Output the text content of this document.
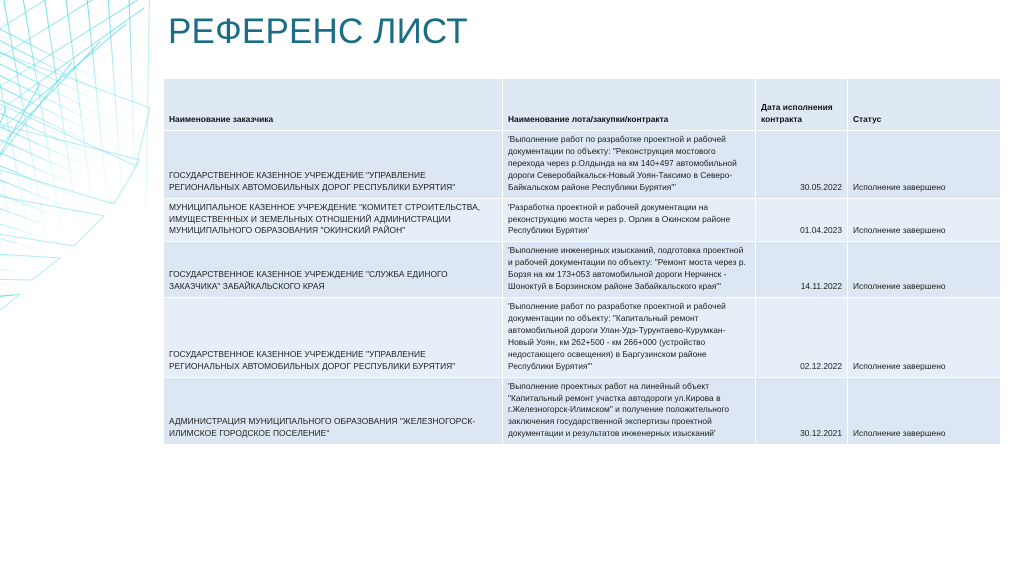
РЕФЕРЕНС ЛИСТ
Наименование заказчика	Наименование лота/закупки/контракта	Дата исполнения контракта	Статус
ГОСУДАРСТВЕННОЕ КАЗЕННОЕ УЧРЕЖДЕНИЕ "УПРАВЛЕНИЕ РЕГИОНАЛЬНЫХ АВТОМОБИЛЬНЫХ ДОРОГ РЕСПУБЛИКИ БУРЯТИЯ"	'Выполнение работ по разработке проектной и рабочей документации по объекту: "Реконструкция мостового перехода через р.Олдында на км 140+497 автомобильной дороги Северобайкальск-Новый Уоян-Таксимо в Северо-Байкальском районе Республики Бурятия"'	30.05.2022	Исполнение завершено
МУНИЦИПАЛЬНОЕ КАЗЕННОЕ УЧРЕЖДЕНИЕ "КОМИТЕТ СТРОИТЕЛЬСТВА, ИМУЩЕСТВЕННЫХ И ЗЕМЕЛЬНЫХ ОТНОШЕНИЙ АДМИНИСТРАЦИИ МУНИЦИПАЛЬНОГО ОБРАЗОВАНИЯ "ОКИНСКИЙ РАЙОН"	'Разработка проектной и рабочей документации на реконструкцию моста через р. Орлик в Окинском районе Республики Бурятия'	01.04.2023	Исполнение завершено
ГОСУДАРСТВЕННОЕ КАЗЕННОЕ УЧРЕЖДЕНИЕ "СЛУЖБА ЕДИНОГО ЗАКАЗЧИКА" ЗАБАЙКАЛЬСКОГО КРАЯ	'Выполнение инженерных изысканий, подготовка проектной и рабочей документации по объекту: "Ремонт моста через р. Борзя на км 173+053 автомобильной дороги Нерчинск - Шоноктуй в Борзинском районе Забайкальского края"'	14.11.2022	Исполнение завершено
ГОСУДАРСТВЕННОЕ КАЗЕННОЕ УЧРЕЖДЕНИЕ "УПРАВЛЕНИЕ РЕГИОНАЛЬНЫХ АВТОМОБИЛЬНЫХ ДОРОГ РЕСПУБЛИКИ БУРЯТИЯ"	'Выполнение работ по разработке проектной и рабочей документации по объекту: "Капитальный ремонт автомобильной дороги Улан-Удэ-Турунтаево-Курумкан-Новый Уоян, км 262+500 - км 266+000 (устройство недостающего освещения) в Баргузинском районе Республики Бурятия"'	02.12.2022	Исполнение завершено
АДМИНИСТРАЦИЯ МУНИЦИПАЛЬНОГО ОБРАЗОВАНИЯ "ЖЕЛЕЗНОГОРСК-ИЛИМСКОЕ ГОРОДСКОЕ ПОСЕЛЕНИЕ"	'Выполнение проектных работ на линейный объект "Капитальный ремонт участка автодороги ул.Кирова в г.Железногорск-Илимском" и получение положительного заключения государственной экспертизы проектной документации и результатов инженерных изысканий'	30.12.2021	Исполнение завершено
